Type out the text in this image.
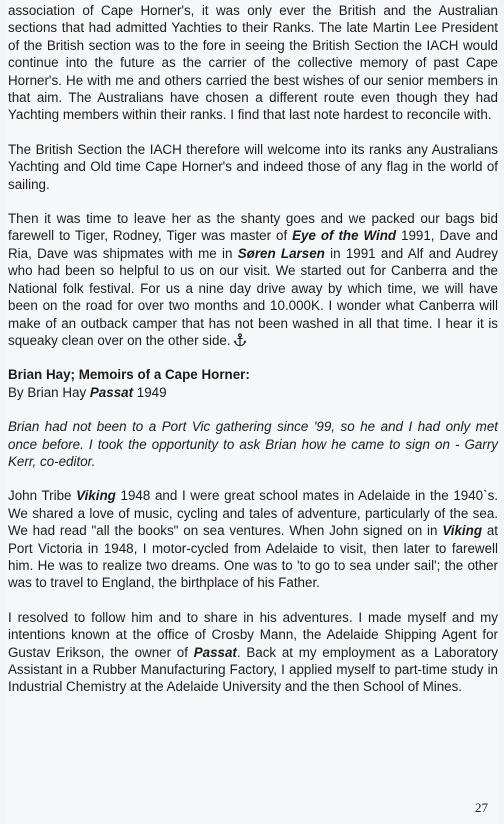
association of Cape Horner's, it was only ever the British and the Australian sections that had admitted Yachties to their Ranks. The late Martin Lee President of the British section was to the fore in seeing the British Section the IACH would continue into the future as the carrier of the collective memory of past Cape Horner's. He with me and others carried the best wishes of our senior members in that aim. The Australians have chosen a different route even though they had Yachting members within their ranks. I find that last note hardest to reconcile with.

The British Section the IACH therefore will welcome into its ranks any Australians Yachting and Old time Cape Horner's and indeed those of any flag in the world of sailing.

Then it was time to leave her as the shanty goes and we packed our bags bid farewell to Tiger, Rodney, Tiger was master of Eye of the Wind 1991, Dave and Ria, Dave was shipmates with me in Søren Larsen in 1991 and Alf and Audrey who had been so helpful to us on our visit. We started out for Canberra and the National folk festival. For us a nine day drive away by which time, we will have been on the road for over two months and 10.000K. I wonder what Canberra will make of an outback camper that has not been washed in all that time. I hear it is squeaky clean over on the other side.

Brian Hay; Memoirs of a Cape Horner:
By Brian Hay Passat 1949

Brian had not been to a Port Vic gathering since '99, so he and I had only met once before. I took the opportunity to ask Brian how he came to sign on - Garry Kerr, co-editor.

John Tribe Viking 1948 and I were great school mates in Adelaide in the 1940`s. We shared a love of music, cycling and tales of adventure, particularly of the sea. We had read "all the books" on sea ventures. When John signed on in Viking at Port Victoria in 1948, I motor-cycled from Adelaide to visit, then later to farewell him. He was to realize two dreams. One was to 'to go to sea under sail'; the other was to travel to England, the birthplace of his Father.

I resolved to follow him and to share in his adventures. I made myself and my intentions known at the office of Crosby Mann, the Adelaide Shipping Agent for Gustav Erikson, the owner of Passat. Back at my employment as a Laboratory Assistant in a Rubber Manufacturing Factory, I applied myself to part-time study in Industrial Chemistry at the Adelaide University and the then School of Mines.

27
